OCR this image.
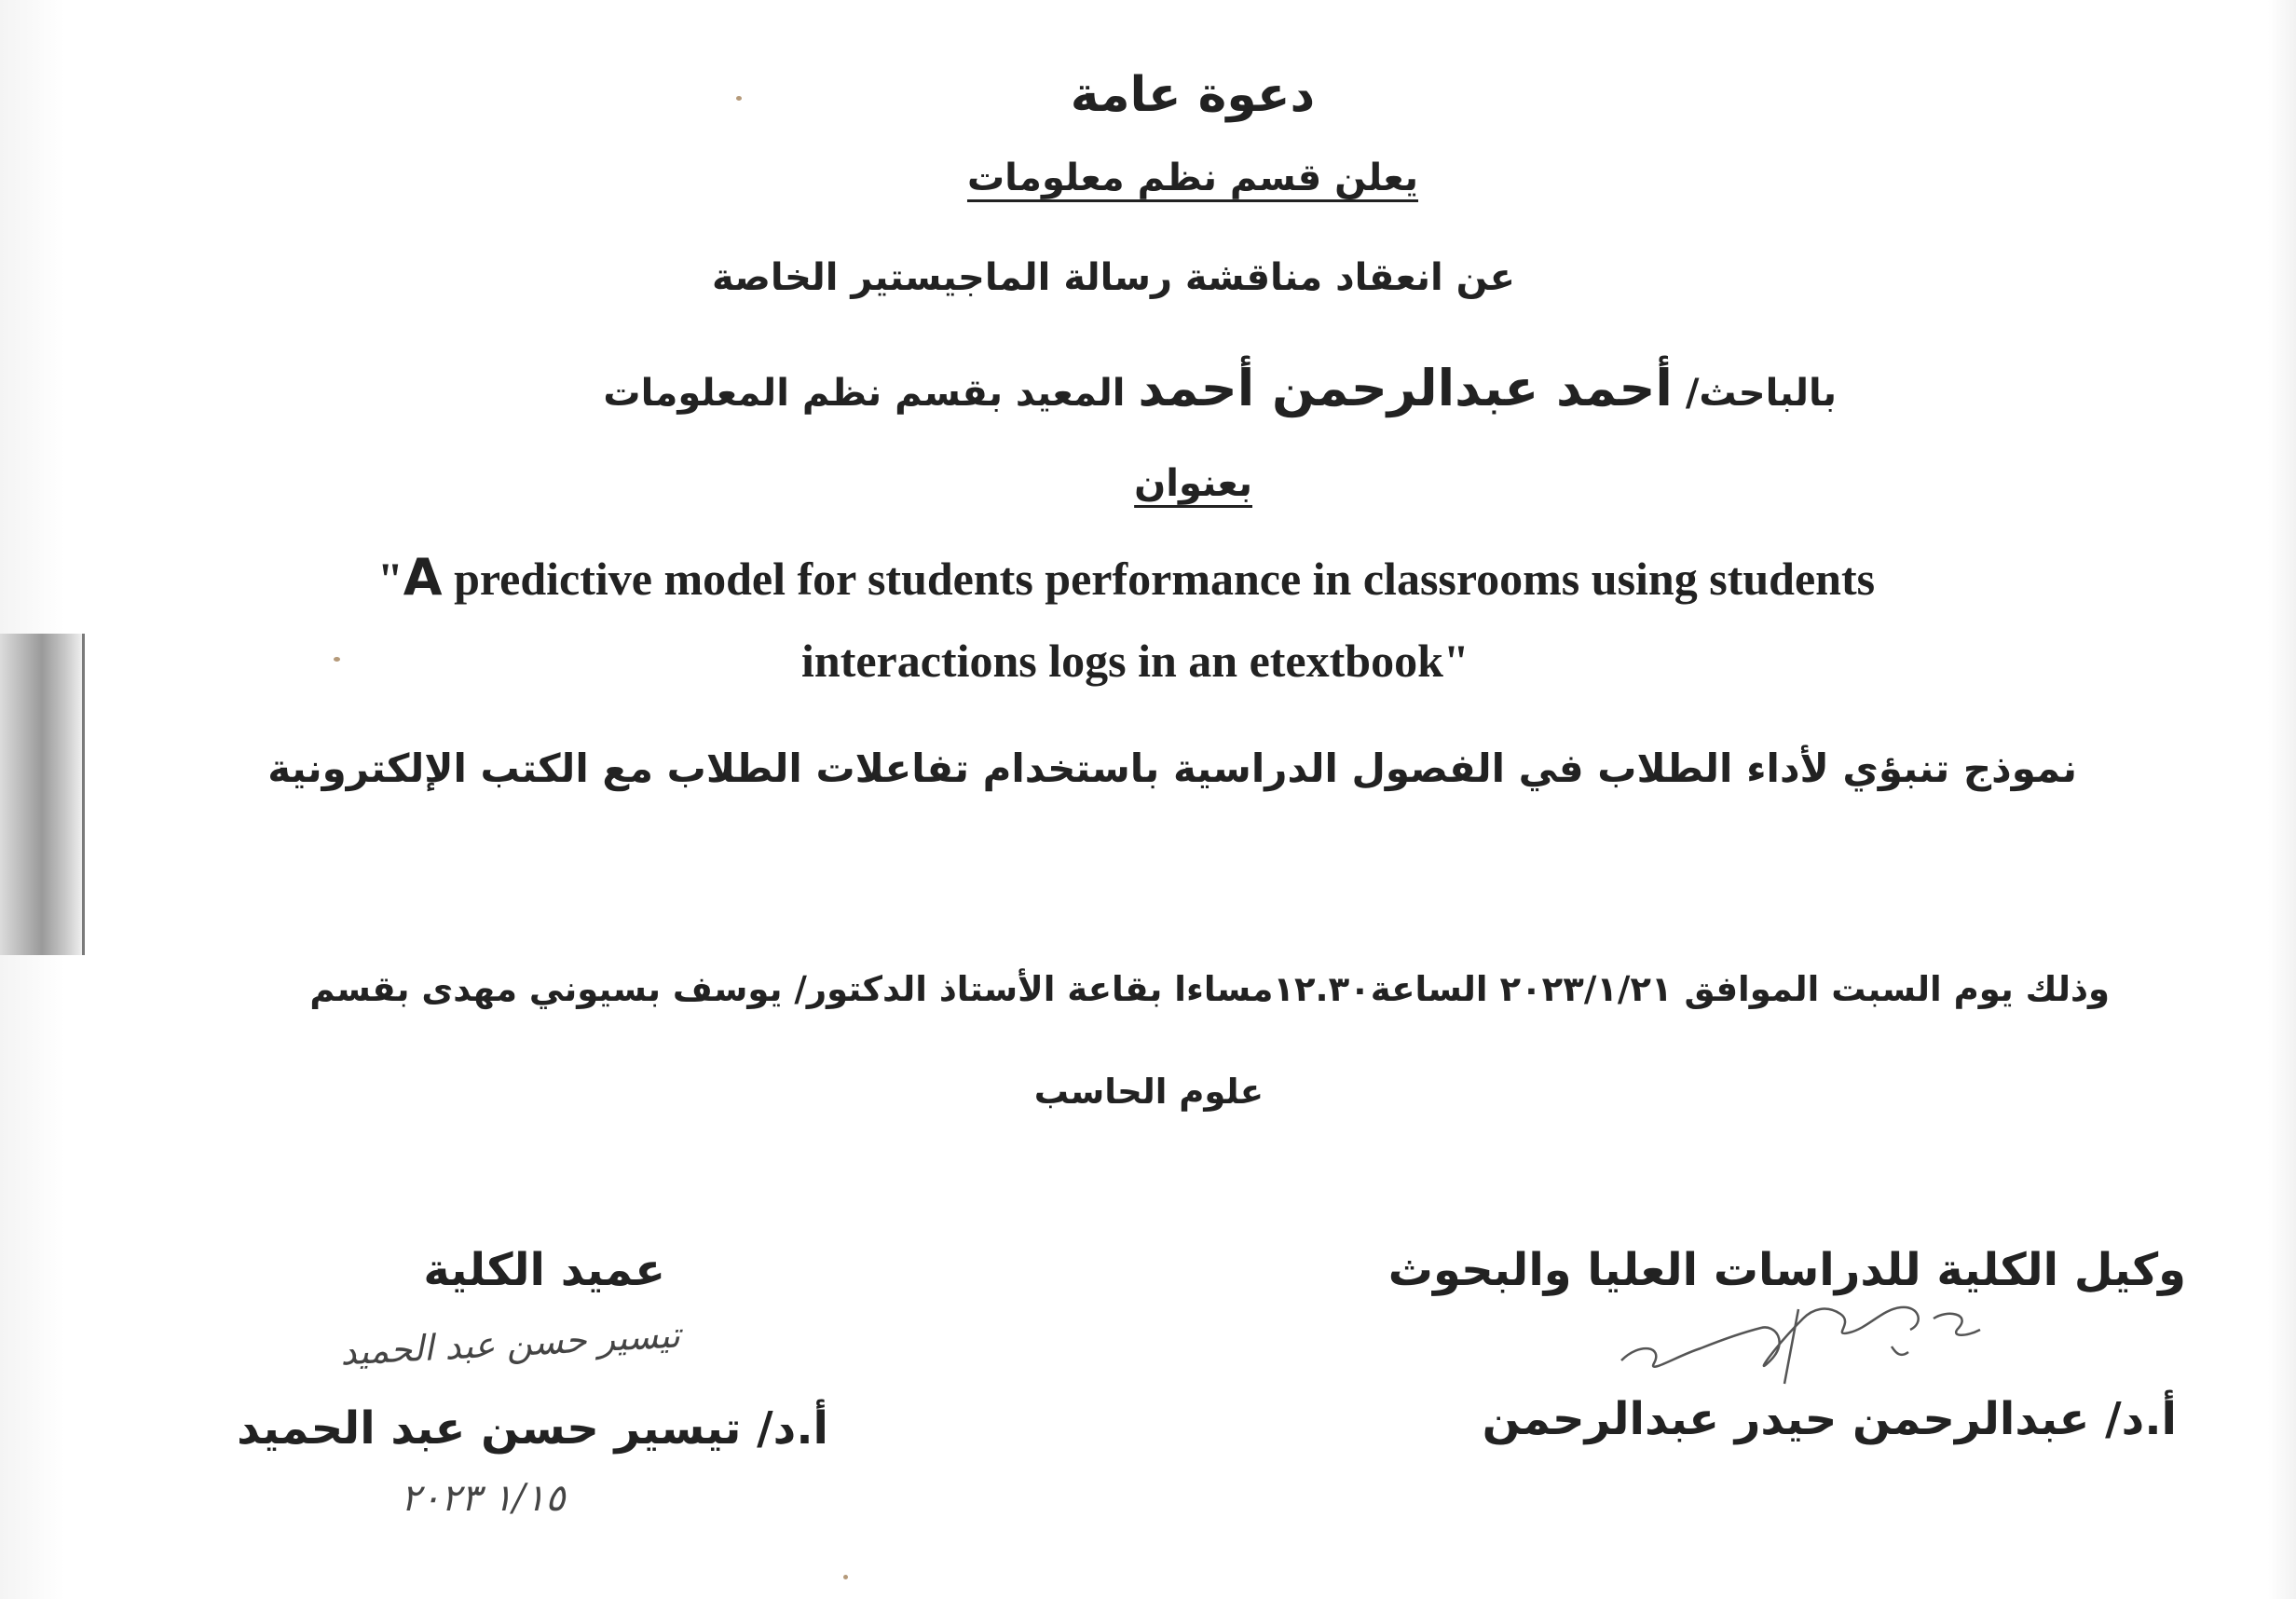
دعوة عامة
يعلن قسم نظم معلومات
عن انعقاد مناقشة رسالة الماجيستير الخاصة
بالباحث/ أحمد عبدالرحمن أحمد المعيد بقسم نظم المعلومات
بعنوان
"A predictive model for students performance in classrooms using students
interactions logs in an etextbook"
نموذج تنبؤي لأداء الطلاب في الفصول الدراسية باستخدام تفاعلات الطلاب مع الكتب الإلكترونية
وذلك يوم السبت الموافق ٢٠٢٣/١/٢١ الساعة١٢.٣٠مساءا بقاعة الأستاذ الدكتور/ يوسف بسيوني مهدى بقسم
علوم الحاسب
وكيل الكلية للدراسات العليا والبحوث
أ.د/ عبدالرحمن حيدر عبدالرحمن
عميد الكلية
تيسير حسن عبد الحميد
أ.د/ تيسير حسن عبد الحميد
١/١٥ ٢٠٢٣
